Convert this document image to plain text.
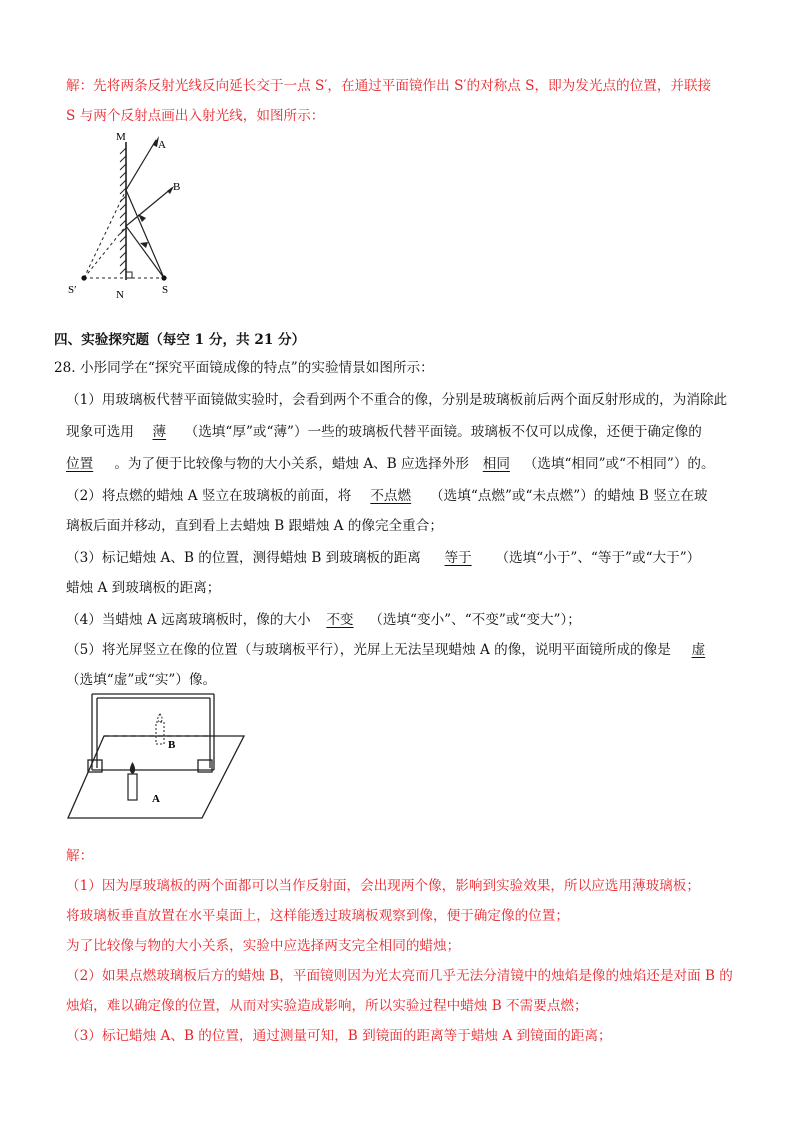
解：先将两条反射光线反向延长交于一点 S′，在通过平面镜作出 S′的对称点 S，即为发光点的位置，并联接
S 与两个反射点画出入射光线，如图所示：
M
N
A
B
S′	S
四、实验探究题（每空 1 分，共 21 分）
28. 小彤同学在“探究平面镜成像的特点”的实验情景如图所示：
（1）用玻璃板代替平面镜做实验时，会看到两个不重合的像，分别是玻璃板前后两个面反射形成的，为消除此
现象可选用 薄 （选填“厚”或“薄”）一些的玻璃板代替平面镜。玻璃板不仅可以成像，还便于确定像的
位置 。为了便于比较像与物的大小关系，蜡烛 A、B 应选择外形 相同 （选填“相同”或“不相同”）的。
（2）将点燃的蜡烛 A 竖立在玻璃板的前面，将 不点燃 （选填“点燃”或“未点燃”）的蜡烛 B 竖立在玻
璃板后面并移动，直到看上去蜡烛 B 跟蜡烛 A 的像完全重合；
（3）标记蜡烛 A、B 的位置，测得蜡烛 B 到玻璃板的距离 等于 （选填“小于”、“等于”或“大于”）
蜡烛 A 到玻璃板的距离；
（4）当蜡烛 A 远离玻璃板时，像的大小 不变 （选填“变小”、“不变”或“变大”）；
（5）将光屏竖立在像的位置（与玻璃板平行），光屏上无法呈现蜡烛 A 的像，说明平面镜所成的像是 虚
（选填“虚”或“实”）像。
B
A
解：
（1）因为厚玻璃板的两个面都可以当作反射面，会出现两个像，影响到实验效果，所以应选用薄玻璃板；
将玻璃板垂直放置在水平桌面上，这样能透过玻璃板观察到像，便于确定像的位置；
为了比较像与物的大小关系，实验中应选择两支完全相同的蜡烛；
（2）如果点燃玻璃板后方的蜡烛 B，平面镜则因为光太亮而几乎无法分清镜中的烛焰是像的烛焰还是对面 B 的
烛焰，难以确定像的位置，从而对实验造成影响，所以实验过程中蜡烛 B 不需要点燃；
（3）标记蜡烛 A、B 的位置，通过测量可知，B 到镜面的距离等于蜡烛 A 到镜面的距离；
